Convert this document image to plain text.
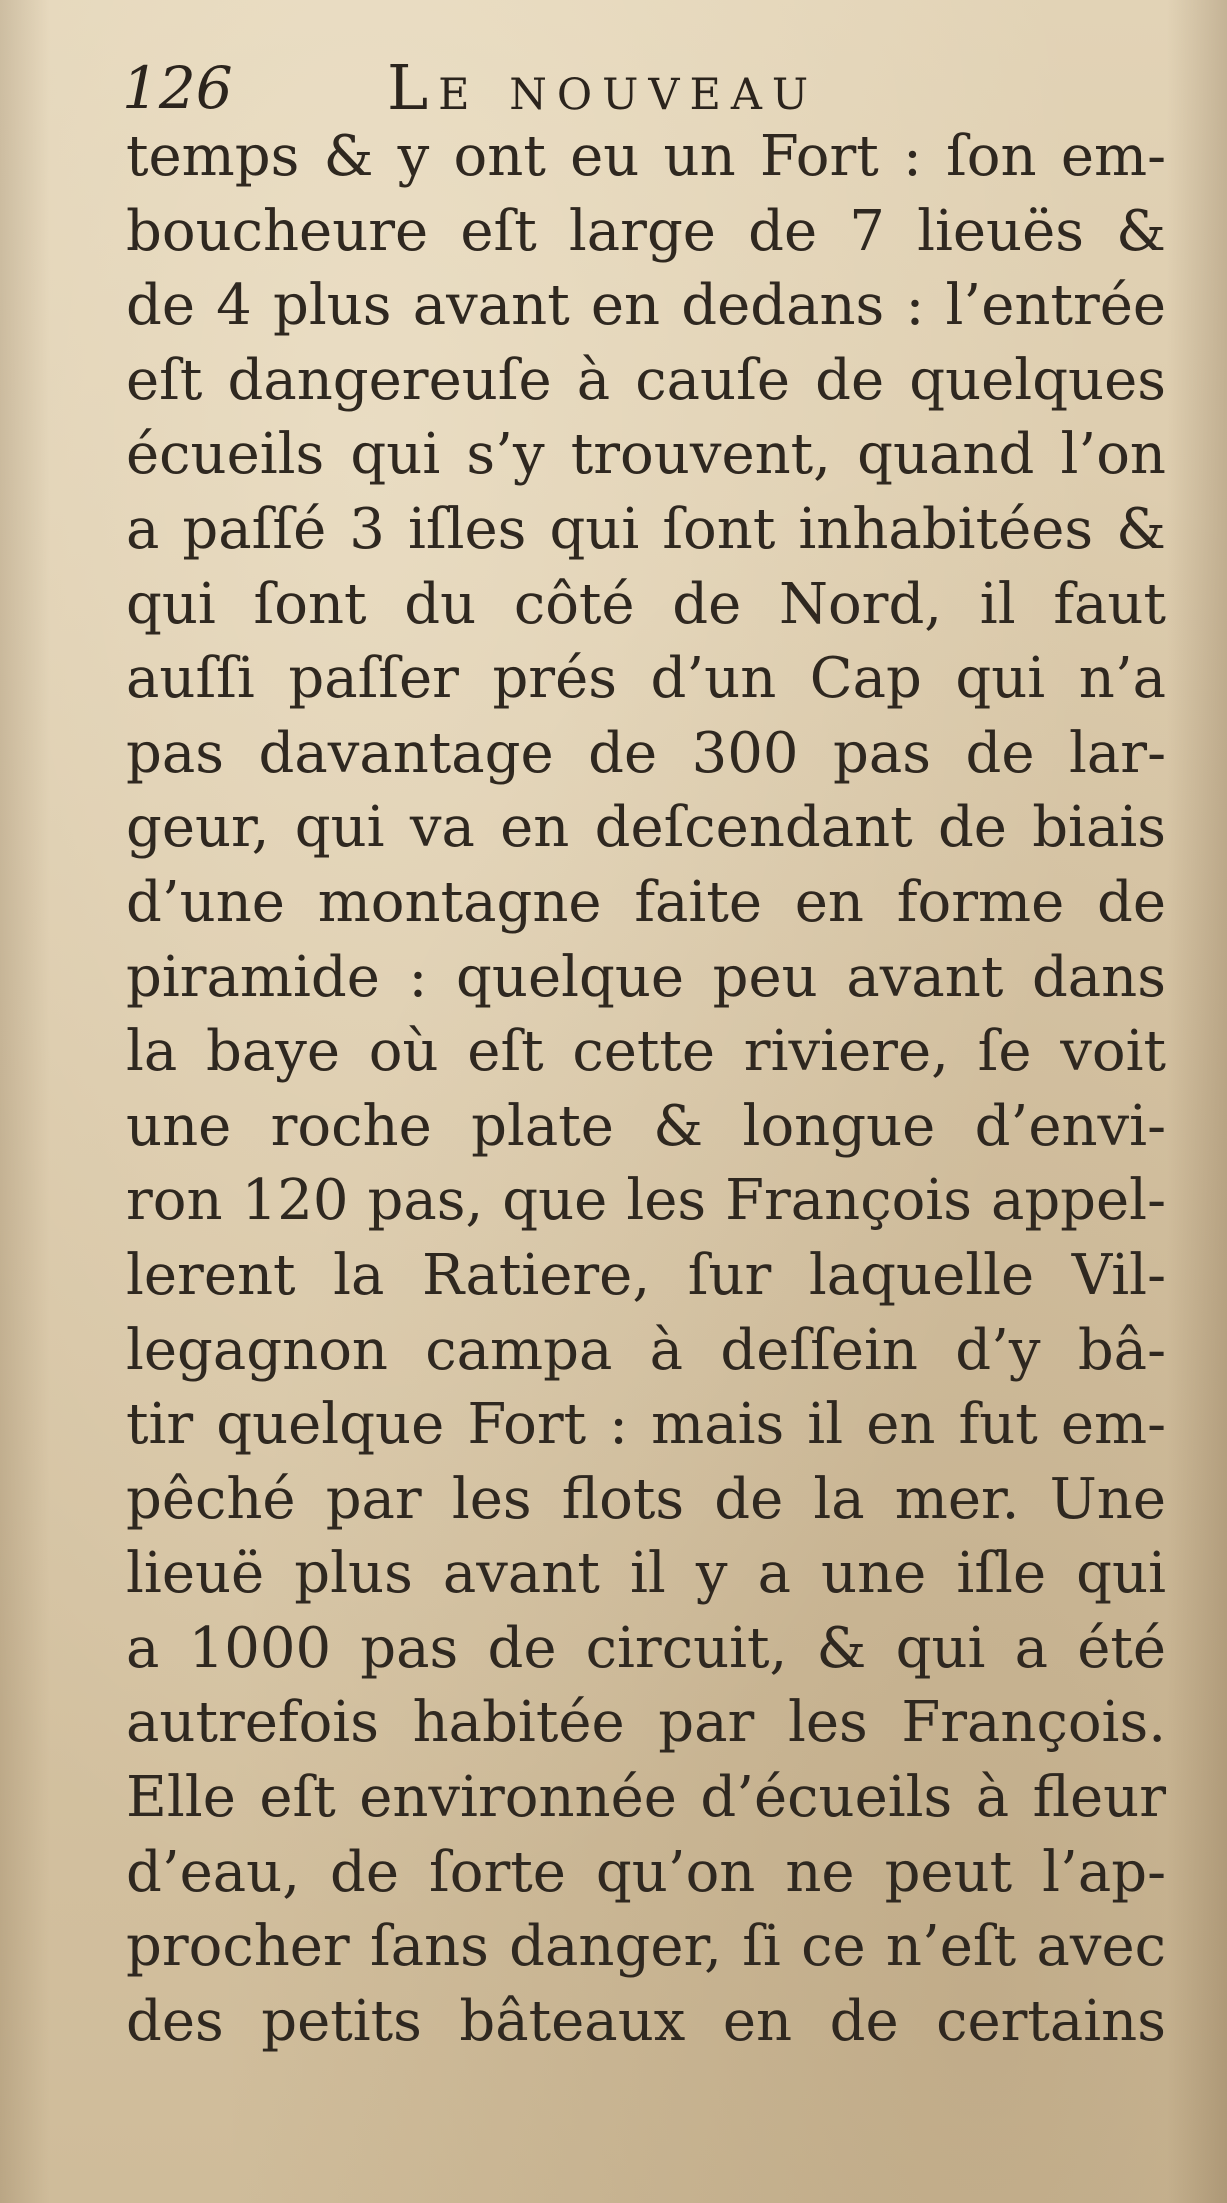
126 Le nouveau
temps & y ont eu un Fort : ſon em-
boucheure eſt large de 7 lieuës &
de 4 plus avant en dedans : l’entrée
eſt dangereuſe à cauſe de quelques
écueils qui s’y trouvent, quand l’on
a paſſé 3 iſles qui ſont inhabitées &
qui ſont du côté de Nord, il faut
auſſi paſſer prés d’un Cap qui n’a
pas davantage de 300 pas de lar-
geur, qui va en deſcendant de biais
d’une montagne faite en forme de
piramide : quelque peu avant dans
la baye où eſt cette riviere, ſe voit
une roche plate & longue d’envi-
ron 120 pas, que les François appel-
lerent la Ratiere, ſur laquelle Vil-
legagnon campa à deſſein d’y bâ-
tir quelque Fort : mais il en fut em-
pêché par les flots de la mer. Une
lieuë plus avant il y a une iſle qui
a 1000 pas de circuit, & qui a été
autrefois habitée par les François.
Elle eſt environnée d’écueils à fleur
d’eau, de ſorte qu’on ne peut l’ap-
procher ſans danger, ſi ce n’eſt avec
des petits bâteaux en de certains
